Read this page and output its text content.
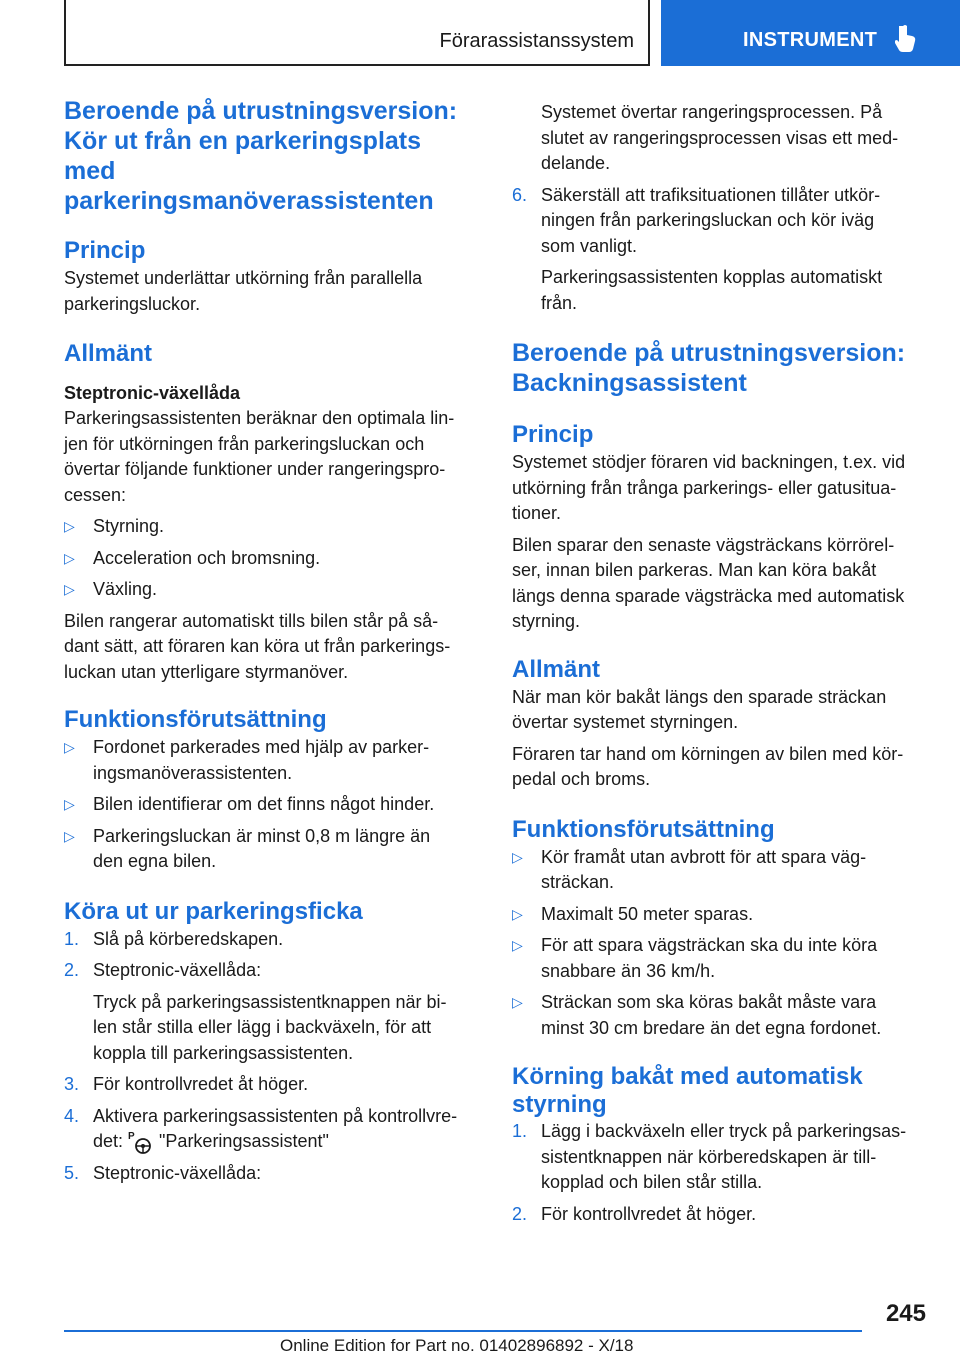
Förarassistanssystem	INSTRUMENT
Beroende på utrustningsversion:
Kör ut från en parkeringsplats
med
parkeringsmanöverassistenten
Princip
Systemet underlättar utkörning från parallella
parkeringsluckor.
Allmänt
Steptronic-växellåda
Parkeringsassistenten beräknar den optimala lin-
jen för utkörningen från parkeringsluckan och
övertar följande funktioner under rangeringspro-
cessen:
▷ Styrning.
▷ Acceleration och bromsning.
▷ Växling.
Bilen rangerar automatiskt tills bilen står på så-
dant sätt, att föraren kan köra ut från parkerings-
luckan utan ytterligare styrmanöver.
Funktionsförutsättning
▷ Fordonet parkerades med hjälp av parker-
ingsmanöverassistenten.
▷ Bilen identifierar om det finns något hinder.
▷ Parkeringsluckan är minst 0,8 m längre än
den egna bilen.
Köra ut ur parkeringsficka
1. Slå på körberedskapen.
2. Steptronic-växellåda:
Tryck på parkeringsassistentknappen när bi-
len står stilla eller lägg i backväxeln, för att
koppla till parkeringsassistenten.
3. För kontrollvredet åt höger.
4. Aktivera parkeringsassistenten på kontrollvre-
det: P "Parkeringsassistent"
5. Steptronic-växellåda:
Systemet övertar rangeringsprocessen. På
slutet av rangeringsprocessen visas ett med-
delande.
6. Säkerställ att trafiksituationen tillåter utkör-
ningen från parkeringsluckan och kör iväg
som vanligt.
Parkeringsassistenten kopplas automatiskt
från.
Beroende på utrustningsversion:
Backningsassistent
Princip
Systemet stödjer föraren vid backningen, t.ex. vid
utkörning från trånga parkerings- eller gatusitua-
tioner.
Bilen sparar den senaste vägsträckans körrörel-
ser, innan bilen parkeras. Man kan köra bakåt
längs denna sparade vägsträcka med automatisk
styrning.
Allmänt
När man kör bakåt längs den sparade sträckan
övertar systemet styrningen.
Föraren tar hand om körningen av bilen med kör-
pedal och broms.
Funktionsförutsättning
▷ Kör framåt utan avbrott för att spara väg-
sträckan.
▷ Maximalt 50 meter sparas.
▷ För att spara vägsträckan ska du inte köra
snabbare än 36 km/h.
▷ Sträckan som ska köras bakåt måste vara
minst 30 cm bredare än det egna fordonet.
Körning bakåt med automatisk
styrning
1. Lägg i backväxeln eller tryck på parkeringsas-
sistentknappen när körberedskapen är till-
kopplad och bilen står stilla.
2. För kontrollvredet åt höger.
245
Online Edition for Part no. 01402896892 - X/18
